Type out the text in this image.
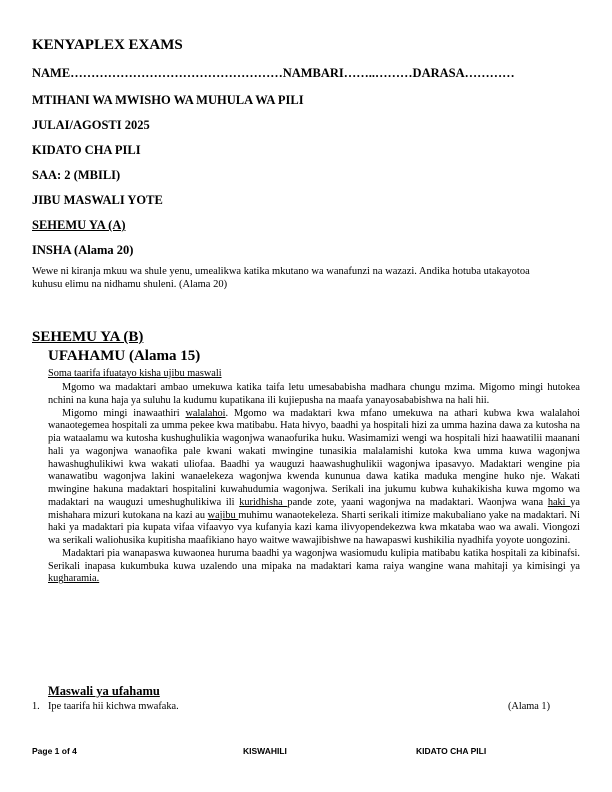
KENYAPLEX EXAMS
NAME……………………………………………NAMBARI……..………DARASA…………
MTIHANI WA MWISHO WA MUHULA WA PILI
JULAI/AGOSTI 2025
KIDATO CHA PILI
SAA: 2 (MBILI)
JIBU MASWALI YOTE
SEHEMU YA (A)
INSHA (Alama 20)
Wewe ni kiranja mkuu wa shule yenu, umealikwa katika mkutano wa wanafunzi na wazazi. Andika hotuba utakayotoa kuhusu elimu na nidhamu shuleni. (Alama 20)
SEHEMU YA (B)
UFAHAMU (Alama 15)
Soma taarifa ifuatayo kisha ujibu maswali

Mgomo wa madaktari ambao umekuwa katika taifa letu umesababisha madhara chungu mzima. Migomo mingi hutokea nchini na kuna haja ya suluhu la kudumu kupatikana ili kujiepusha na maafa yanayosababishwa na hali hii.

Migomo mingi inawaathiri walalahoi. Mgomo wa madaktari kwa mfano umekuwa na athari kubwa kwa walalahoi wanaotegemea hospitali za umma pekee kwa matibabu. Hata hivyo, baadhi ya hospitali hizi za umma hazina dawa za kutosha na pia wataalamu wa kutosha kushughulikia wagonjwa wanaofurika huku. Wasimamizi wengi wa hospitali hizi haawatilii maanani hali ya wagonjwa wanaofika pale kwani wakati mwingine tunasikia malalamishi kutoka kwa umma kuwa wagonjwa hawashughulikiwi kwa wakati uliofaa. Baadhi ya wauguzi haawashughulikii wagonjwa ipasavyo. Madaktari wengine pia wanawatibu wagonjwa lakini wanaelekeza wagonjwa kwenda kununua dawa katika maduka mengine huko nje. Wakati mwingine hakuna madaktari hospitalini kuwahudumia wagonjwa. Serikali ina jukumu kubwa kuhakikisha kuwa mgomo wa madaktari na wauguzi umeshughulikiwa ili kuridhisha pande zote, yaani wagonjwa na madaktari. Waonjwa wana haki ya mishahara mizuri kutokana na kazi au wajibu muhimu wanaotekeleza. Sharti serikali itimize makubaliano yake na madaktari. Ni haki ya madaktari pia kupata vifaa vifaavyo vya kufanyia kazi kama ilivyopendekezwa kwa mkataba wao wa awali. Viongozi wa serikali waliohusika kupitisha maafikiano hayo waitwe wawajibishwe na hawapaswi kushikilia nyadhifa yoyote uongozini.

Madaktari pia wanapaswa kuwaonea huruma baadhi ya wagonjwa wasiomudu kulipia matibabu katika hospitali za kibinafsi. Serikali inapasa kukumbuka kuwa uzalendo una mipaka na madaktari kama raiya wangine wana mahitaji ya kimisingi ya kugharamia.

Maswali ya ufahamu
1. Ipe taarifa hii kichwa mwafaka.	(Alama 1)
Page 1 of 4	KISWAHILI	KIDATO CHA PILI
